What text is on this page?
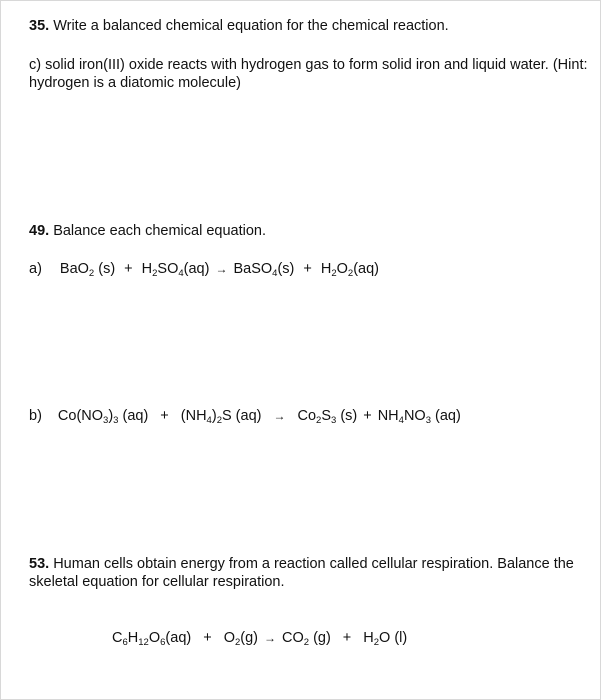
35. Write a balanced chemical equation for the chemical reaction.
c) solid iron(III) oxide reacts with hydrogen gas to form solid iron and liquid water. (Hint:
hydrogen is a diatomic molecule)
49. Balance each chemical equation.
a) BaO$_2$ $(s) + H_2SO_4(aq)$ → BaSO$_4$(s) + $H_2O_2(aq)$
b) $Co(NO_3)_3$ $(aq) + (NH_4)_2S$ $(aq) \to Co_2S_3$ $(s) + NH_4NO_3$ (aq)
53. Human cells obtain energy from a reaction called cellular respiration. Balance the
skeletal equation for cellular respiration.
$C_6H_{12}O_6(aq) + O_2(g) \to CO_2$ $(g) + H_2O$ (l)
